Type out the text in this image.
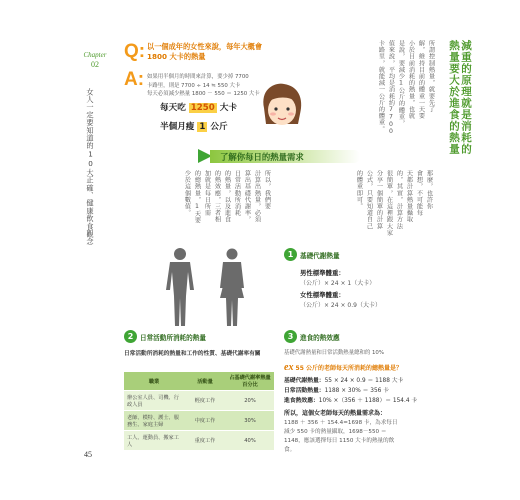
Chapter
02
女人一定要知道的10大正確、健康飲食觀念
45
Q: 以一個成年的女性來說，每年大概會 1800 大卡的熱量
A: 如果用半個月的時間來計算，要少掉 7700
卡路里，則是 7700 ÷ 14 ≒ 550 大卡
每天必須減少熱量 1800 － 550 ＝ 1250 大卡
每天吃 1250 大卡
半個月瘦 1 公斤	減重的原理就是消耗的熱量要大於進食的熱量
所謂控制熱量，就要先了
解，維持目前的體重一天要
小於目前消耗的熱量，也就
是說，要減少1公斤的體重，
值來說，平均是消耗約7700
卡路里，就能減一公斤的體重。
了解你每日的熱量需求
那麼，也許你
會想，不可能每
天都計算熱量攝取
的，其實，計算方法
很簡單，在這裡跟大家
分享一個簡單的計算
公式，只要知道自己
的體重即可。
所以，我們要
計算出熱量，必須
算出基礎代謝率，
日常活動所消耗
的熱量，以及進食
的熱效應，三者相
加就是每日所需
的總熱量，1天要
少於這個數值。
1	基礎代謝熱量
男性標準體重：
（公斤）× 24 × 1（大卡）
女性標準體重：
（公斤）× 24 × 0.9（大卡）
2	日常活動所消耗的熱量
日常活動所消耗的熱量和工作的性質、基礎代謝率有關
職業	活動量	占基礎代謝率熱量百分比
辦公室人員、司機、行政人員	輕度工作	20%
老師、模特、護士、服務生、家庭主婦	中度工作	30%
工人、運動員、搬家工人	重度工作	40%
3	進食的熱效應
基礎代謝熱量和日常活動熱量總和的 10%
ex 55 公斤的老師每天所消耗的總熱量是？
基礎代謝熱量：55 × 24 × 0.9 ＝ 1188 大卡
日常活動熱量：1188 × 30% ＝ 356 卡
進食熱效應：10% ×（356 ＋ 1188）＝ 154.4 卡
所以，這個女老師每天的熱量需求為：
1188 ＋ 356 ＋ 154.4=1698 卡，為求每日減少 550 卡的熱量攝取，1698－550 ＝ 1148，應該選擇每日 1150 大卡的熱量的飲食。
